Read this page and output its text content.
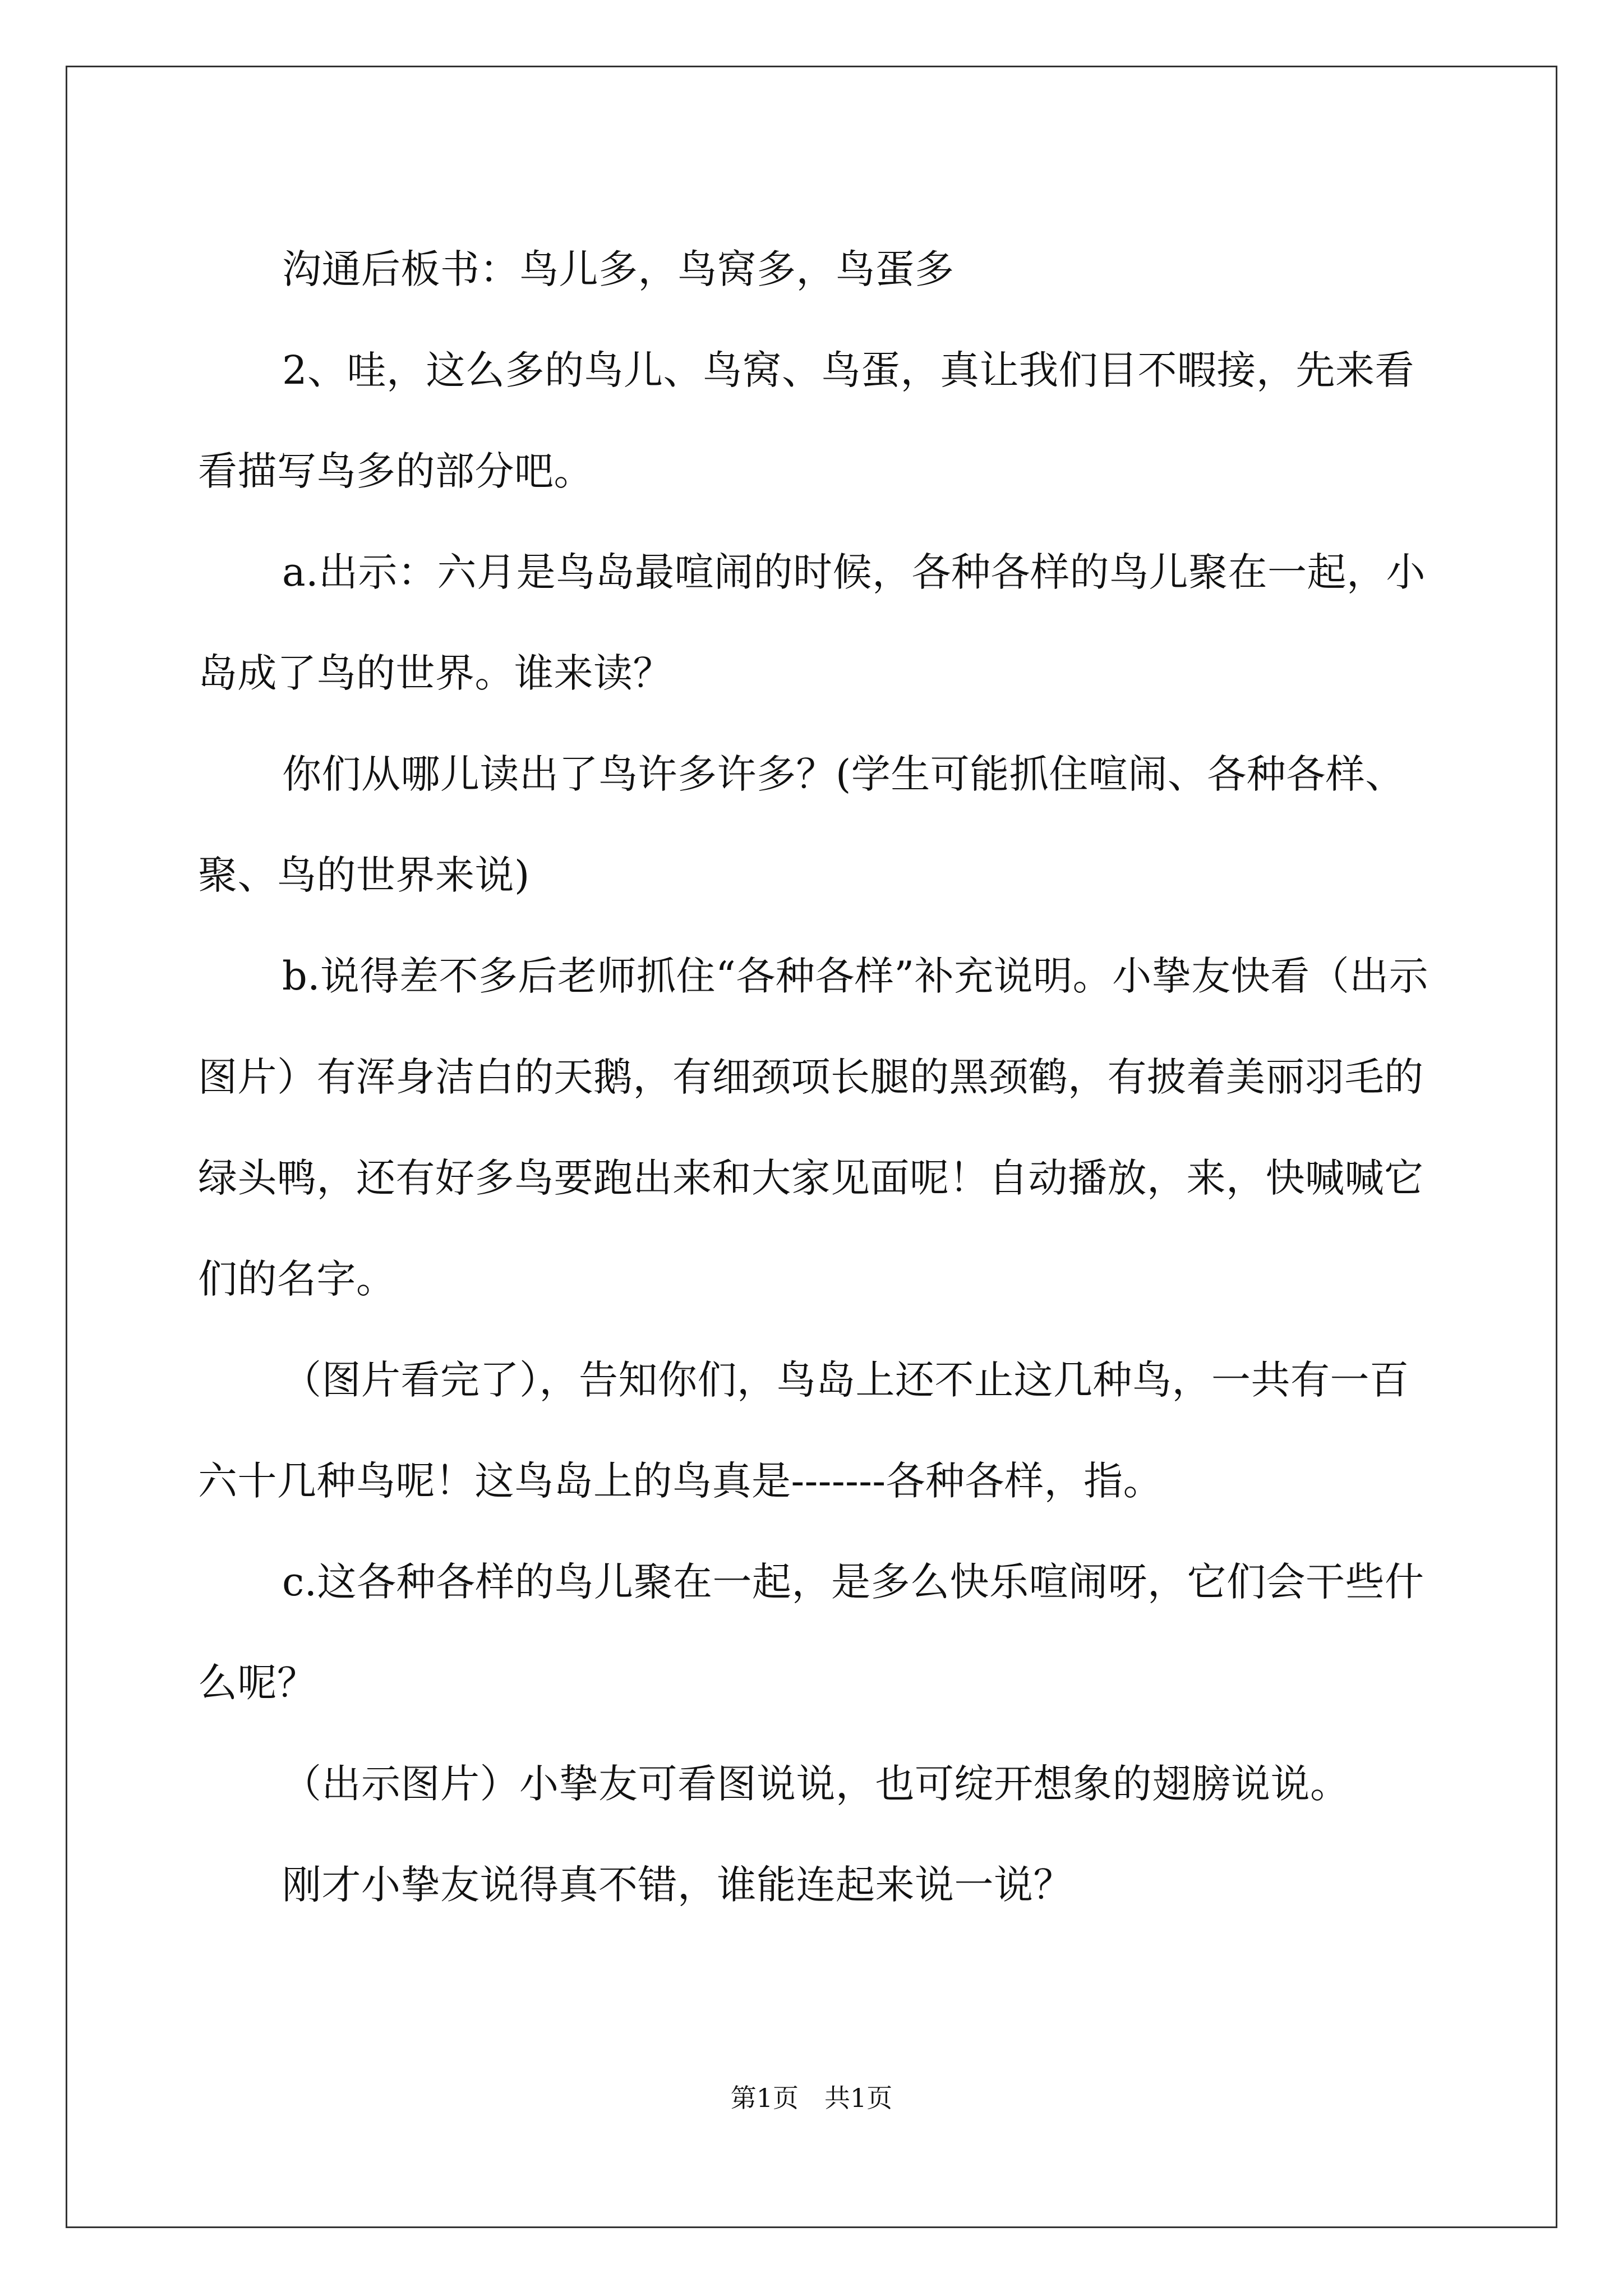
沟通后板书：鸟儿多，鸟窝多，鸟蛋多

2、哇，这么多的鸟儿、鸟窝、鸟蛋，真让我们目不暇接，先来看看描写鸟多的部分吧。

a.出示：六月是鸟岛最喧闹的时候，各种各样的鸟儿聚在一起，小岛成了鸟的世界。谁来读？

你们从哪儿读出了鸟许多许多？(学生可能抓住喧闹、各种各样、聚、鸟的世界来说)

b.说得差不多后老师抓住“各种各样”补充说明。小挚友快看（出示图片）有浑身洁白的天鹅，有细颈项长腿的黑颈鹤，有披着美丽羽毛的绿头鸭，还有好多鸟要跑出来和大家见面呢！自动播放，来，快喊喊它们的名字。

（图片看完了），告知你们，鸟岛上还不止这几种鸟，一共有一百六十几种鸟呢！这鸟岛上的鸟真是-------各种各样，指。

c.这各种各样的鸟儿聚在一起，是多么快乐喧闹呀，它们会干些什么呢？

（出示图片）小挚友可看图说说，也可绽开想象的翅膀说说。

刚才小挚友说得真不错，谁能连起来说一说？

第1页　共1页
